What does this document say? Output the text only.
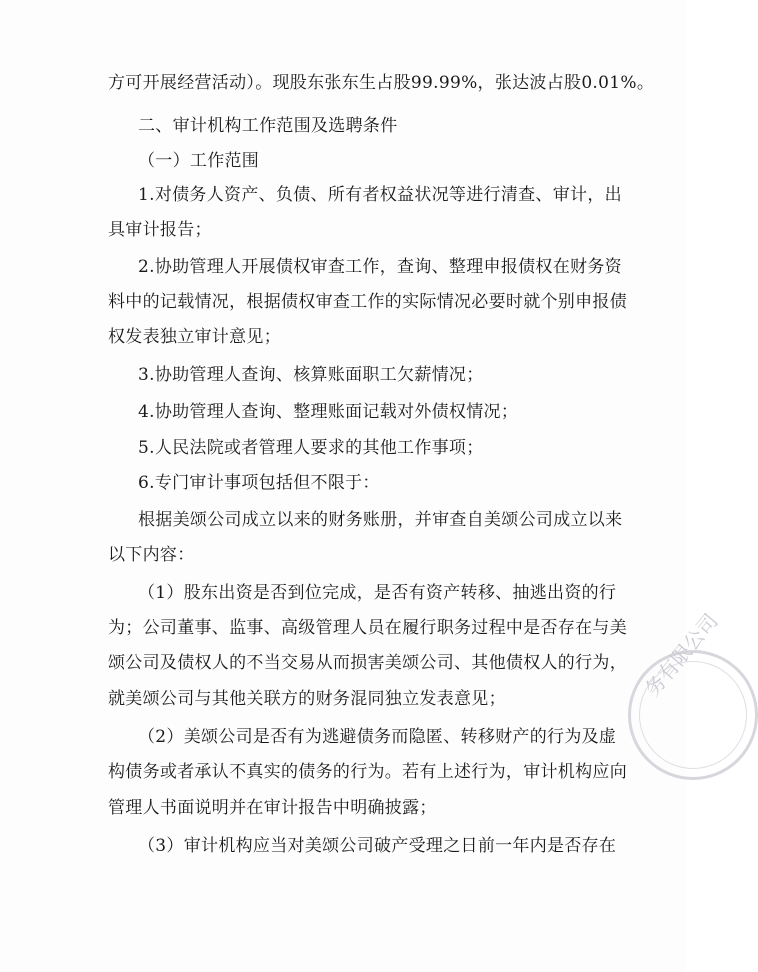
方可开展经营活动）。现股东张东生占股99.99%，张达波占股0.01%。
二、审计机构工作范围及选聘条件
（一）工作范围
1.对债务人资产、负债、所有者权益状况等进行清查、审计，出
具审计报告；
2.协助管理人开展债权审查工作，查询、整理申报债权在财务资
料中的记载情况，根据债权审查工作的实际情况必要时就个别申报债
权发表独立审计意见；
3.协助管理人查询、核算账面职工欠薪情况；
4.协助管理人查询、整理账面记载对外债权情况；
5.人民法院或者管理人要求的其他工作事项；
6.专门审计事项包括但不限于：
根据美颂公司成立以来的财务账册，并审查自美颂公司成立以来
以下内容：
（1）股东出资是否到位完成，是否有资产转移、抽逃出资的行
为；公司董事、监事、高级管理人员在履行职务过程中是否存在与美
颂公司及债权人的不当交易从而损害美颂公司、其他债权人的行为，
就美颂公司与其他关联方的财务混同独立发表意见；
（2）美颂公司是否有为逃避债务而隐匿、转移财产的行为及虚
构债务或者承认不真实的债务的行为。若有上述行为，审计机构应向
管理人书面说明并在审计报告中明确披露；
（3）审计机构应当对美颂公司破产受理之日前一年内是否存在
务有限公司
